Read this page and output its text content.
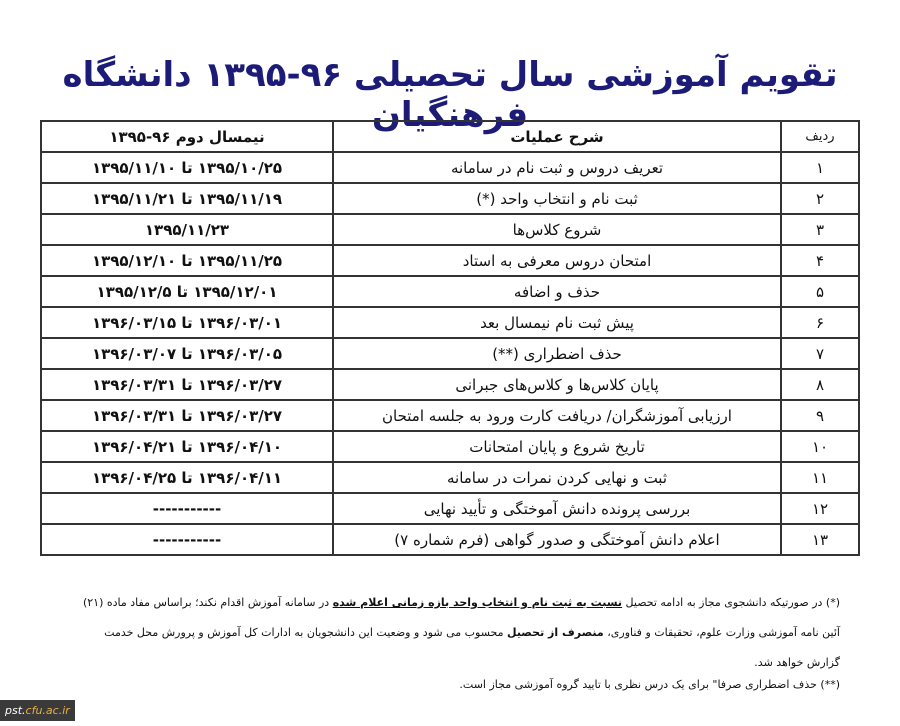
تقویم آموزشی سال تحصیلی ۹۶-۱۳۹۵ دانشگاه فرهنگیان
ردیف	شرح عملیات	نیمسال دوم ۹۶-۱۳۹۵
۱	تعریف دروس و ثبت نام در سامانه	۱۳۹۵/۱۰/۲۵ تا ۱۳۹۵/۱۱/۱۰
۲	ثبت نام و انتخاب واحد (*)	۱۳۹۵/۱۱/۱۹ تا ۱۳۹۵/۱۱/۲۱
۳	شروع کلاس‌ها	۱۳۹۵/۱۱/۲۳
۴	امتحان دروس معرفی به استاد	۱۳۹۵/۱۱/۲۵ تا ۱۳۹۵/۱۲/۱۰
۵	حذف و اضافه	۱۳۹۵/۱۲/۰۱ تا ۱۳۹۵/۱۲/۵
۶	پیش ثبت نام نیمسال بعد	۱۳۹۶/۰۳/۰۱ تا ۱۳۹۶/۰۳/۱۵
۷	حذف اضطراری (**)	۱۳۹۶/۰۳/۰۵ تا ۱۳۹۶/۰۳/۰۷
۸	پایان کلاس‌ها و کلاس‌های جبرانی	۱۳۹۶/۰۳/۲۷ تا ۱۳۹۶/۰۳/۳۱
۹	ارزیابی آموزشگران/ دریافت کارت ورود به جلسه امتحان	۱۳۹۶/۰۳/۲۷ تا ۱۳۹۶/۰۳/۳۱
۱۰	تاریخ شروع و پایان امتحانات	۱۳۹۶/۰۴/۱۰ تا ۱۳۹۶/۰۴/۲۱
۱۱	ثبت و نهایی کردن نمرات در سامانه	۱۳۹۶/۰۴/۱۱ تا ۱۳۹۶/۰۴/۲۵
۱۲	بررسی پرونده دانش آموختگی و تأیید نهایی	-----------
۱۳	اعلام دانش آموختگی و صدور گواهی (فرم شماره ۷)	-----------
(*) در صورتیکه دانشجوی مجاز به ادامه تحصیل نسبت به ثبت نام و انتخاب واحد بازه زمانی اعلام شده در سامانه آموزش اقدام نکند؛ براساس مفاد ماده (۲۱) آئین نامه آموزشی وزارت علوم، تحقیقات و فناوری، منصرف از تحصیل محسوب می شود و وضعیت این دانشجویان به ادارات کل آموزش و پرورش محل خدمت گزارش خواهد شد.
(**) حذف اضطراری صرفا" برای یک درس نظری با تایید گروه آموزشی مجاز است.
pst.cfu.ac.ir
